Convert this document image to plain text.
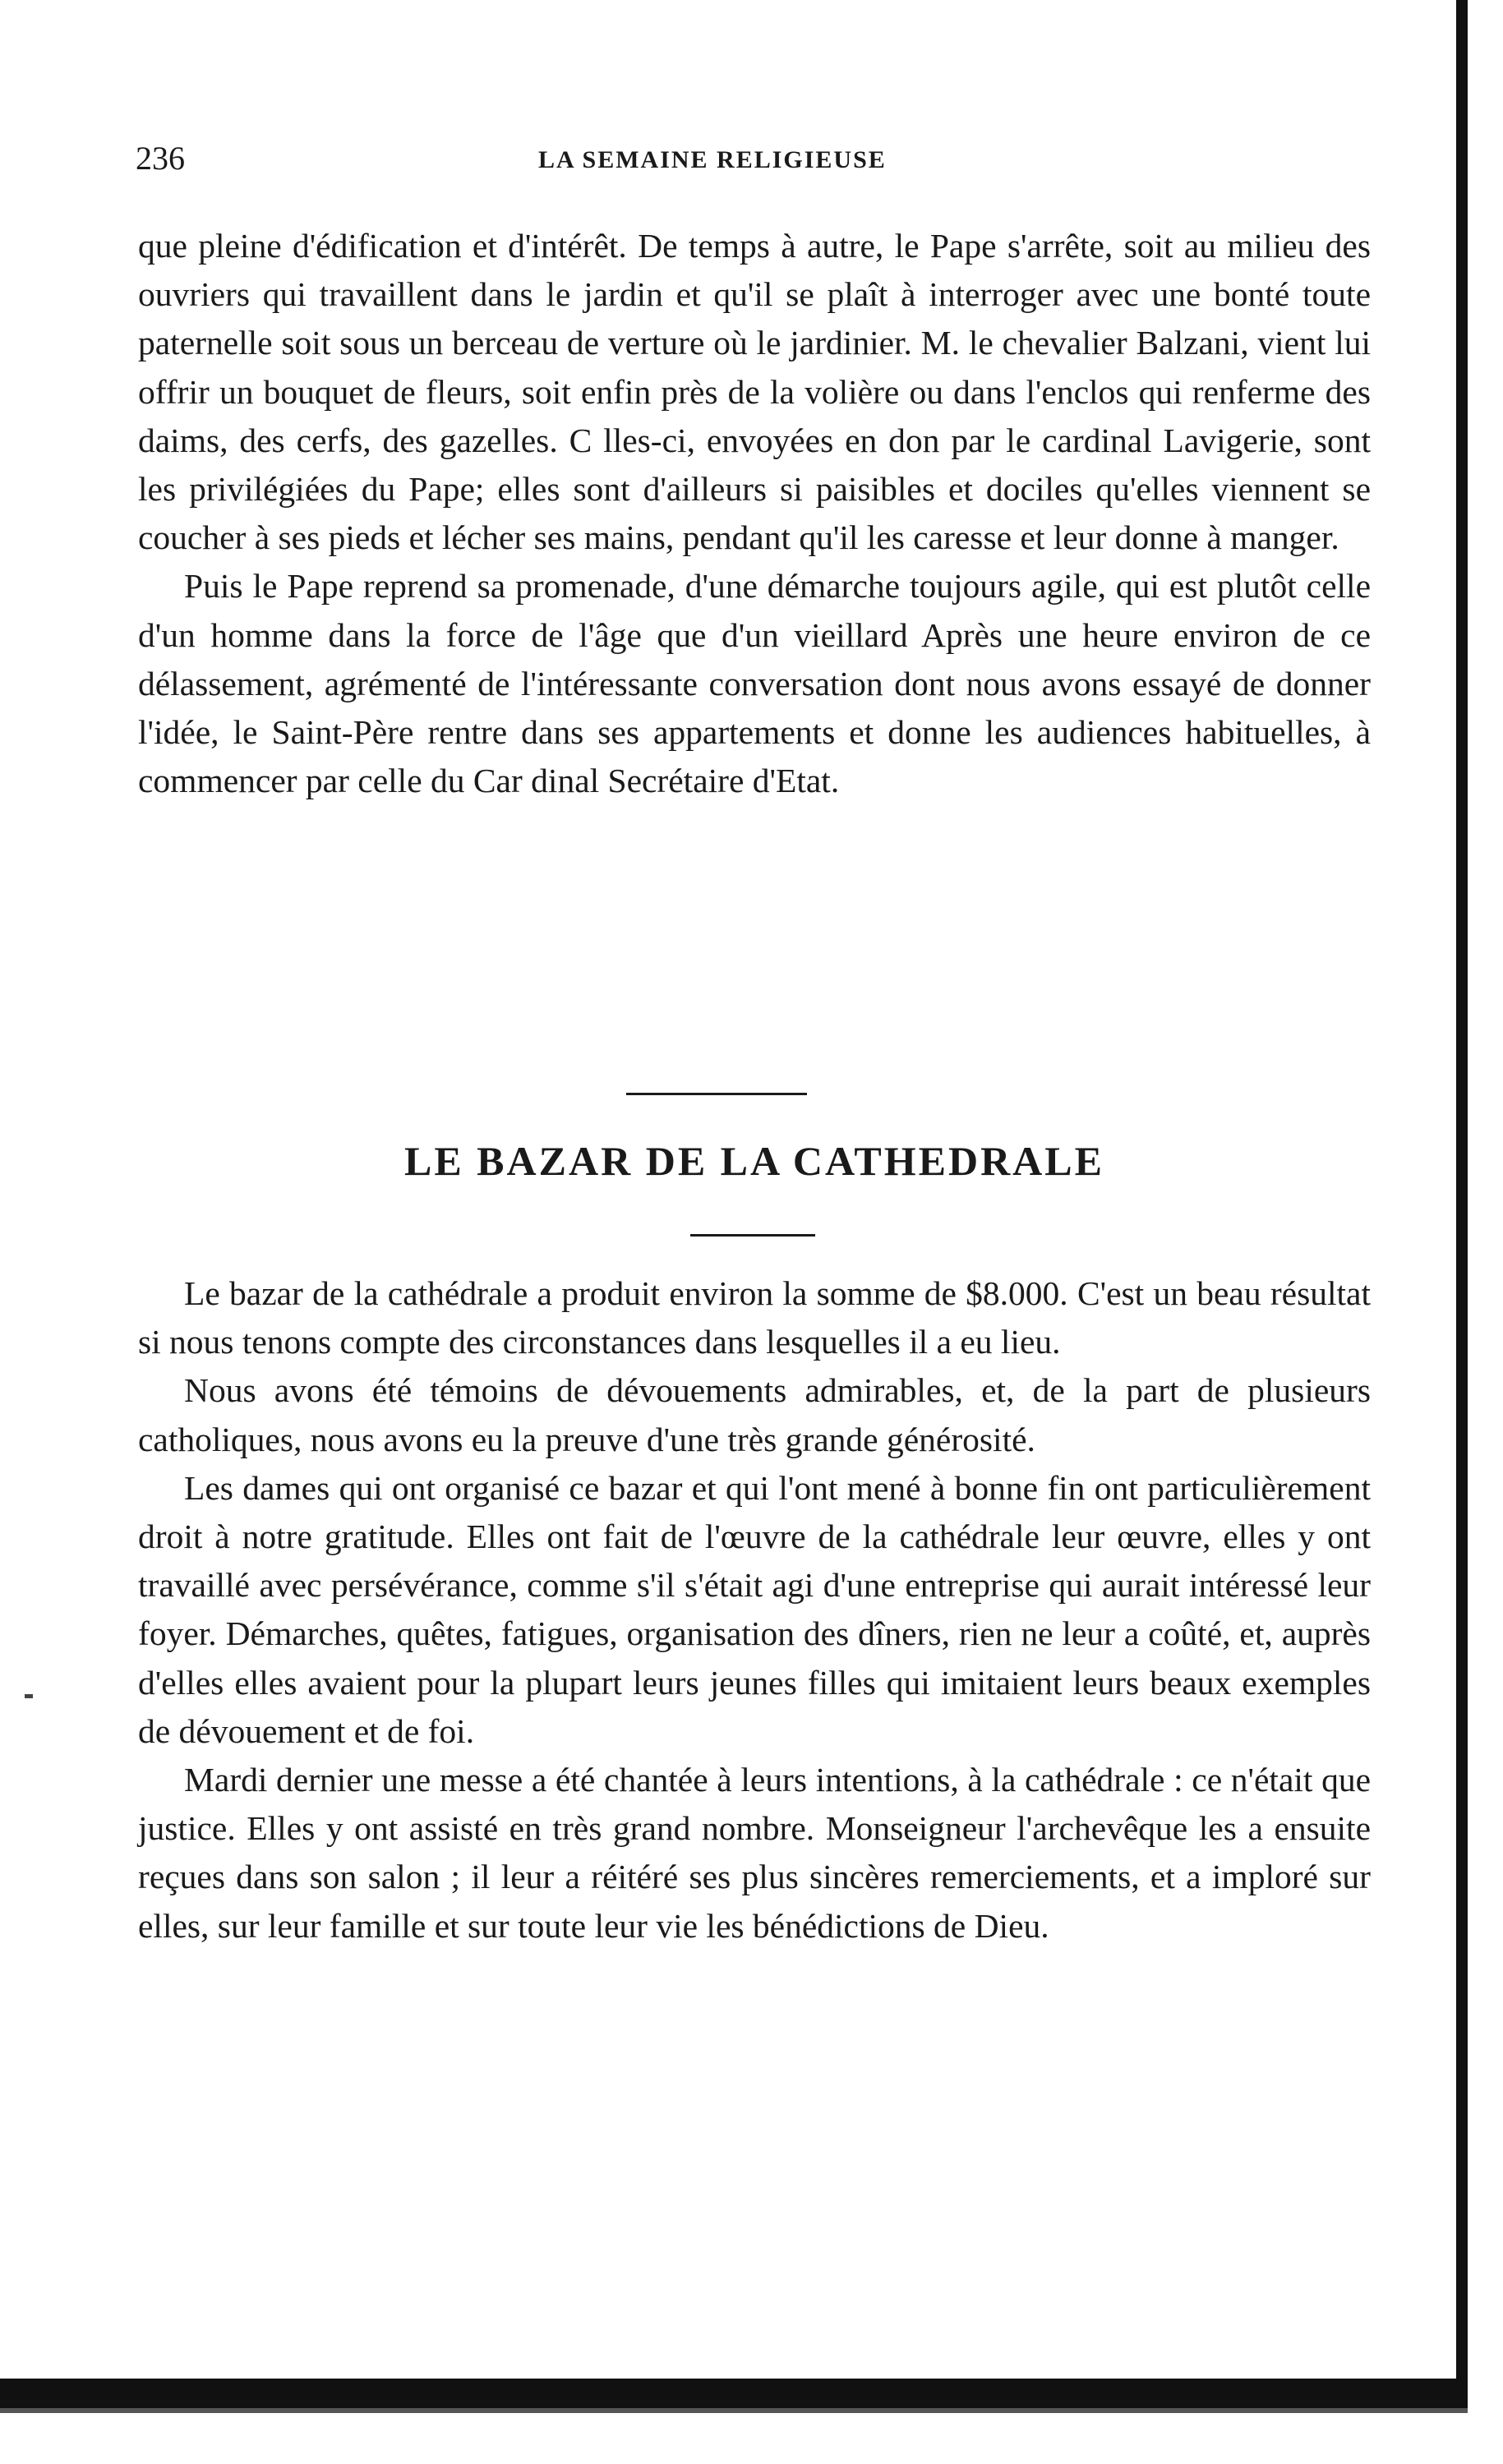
236	LA SEMAINE RELIGIEUSE

que pleine d'édification et d'intérêt. De temps à autre, le Pape s'arrête, soit au milieu des ouvriers qui travaillent dans le jardin et qu'il se plaît à interroger avec une bonté toute paternelle soit sous un berceau de verture où le jardinier. M. le chevalier Balzani, vient lui offrir un bouquet de fleurs, soit enfin près de la volière ou dans l'enclos qui renferme des daims, des cerfs, des gazelles. C lles-ci, envoyées en don par le cardinal Lavigerie, sont les privilégiées du Pape; elles sont d'ailleurs si paisibles et dociles qu'elles viennent se coucher à ses pieds et lécher ses mains, pendant qu'il les caresse et leur donne à manger.

Puis le Pape reprend sa promenade, d'une démarche toujours agile, qui est plutôt celle d'un homme dans la force de l'âge que d'un vieillard Après une heure environ de ce délassement, agrémenté de l'intéressante conversation dont nous avons essayé de donner l'idée, le Saint-Père rentre dans ses appartements et donne les audiences habituelles, à commencer par celle du Car dinal Secrétaire d'Etat.

LE BAZAR DE LA CATHEDRALE

Le bazar de la cathédrale a produit environ la somme de $8.000. C'est un beau résultat si nous tenons compte des circonstances dans lesquelles il a eu lieu.

Nous avons été témoins de dévouements admirables, et, de la part de plusieurs catholiques, nous avons eu la preuve d'une très grande générosité.

Les dames qui ont organisé ce bazar et qui l'ont mené à bonne fin ont particulièrement droit à notre gratitude. Elles ont fait de l'œuvre de la cathédrale leur œuvre, elles y ont travaillé avec persévérance, comme s'il s'était agi d'une entreprise qui aurait intéressé leur foyer. Démarches, quêtes, fatigues, organisation des dîners, rien ne leur a coûté, et, auprès d'elles elles avaient pour la plupart leurs jeunes filles qui imitaient leurs beaux exemples de dévouement et de foi.

Mardi dernier une messe a été chantée à leurs intentions, à la cathédrale : ce n'était que justice. Elles y ont assisté en très grand nombre. Monseigneur l'archevêque les a ensuite reçues dans son salon ; il leur a réitéré ses plus sincères remerciements, et a imploré sur elles, sur leur famille et sur toute leur vie les bénédictions de Dieu.
